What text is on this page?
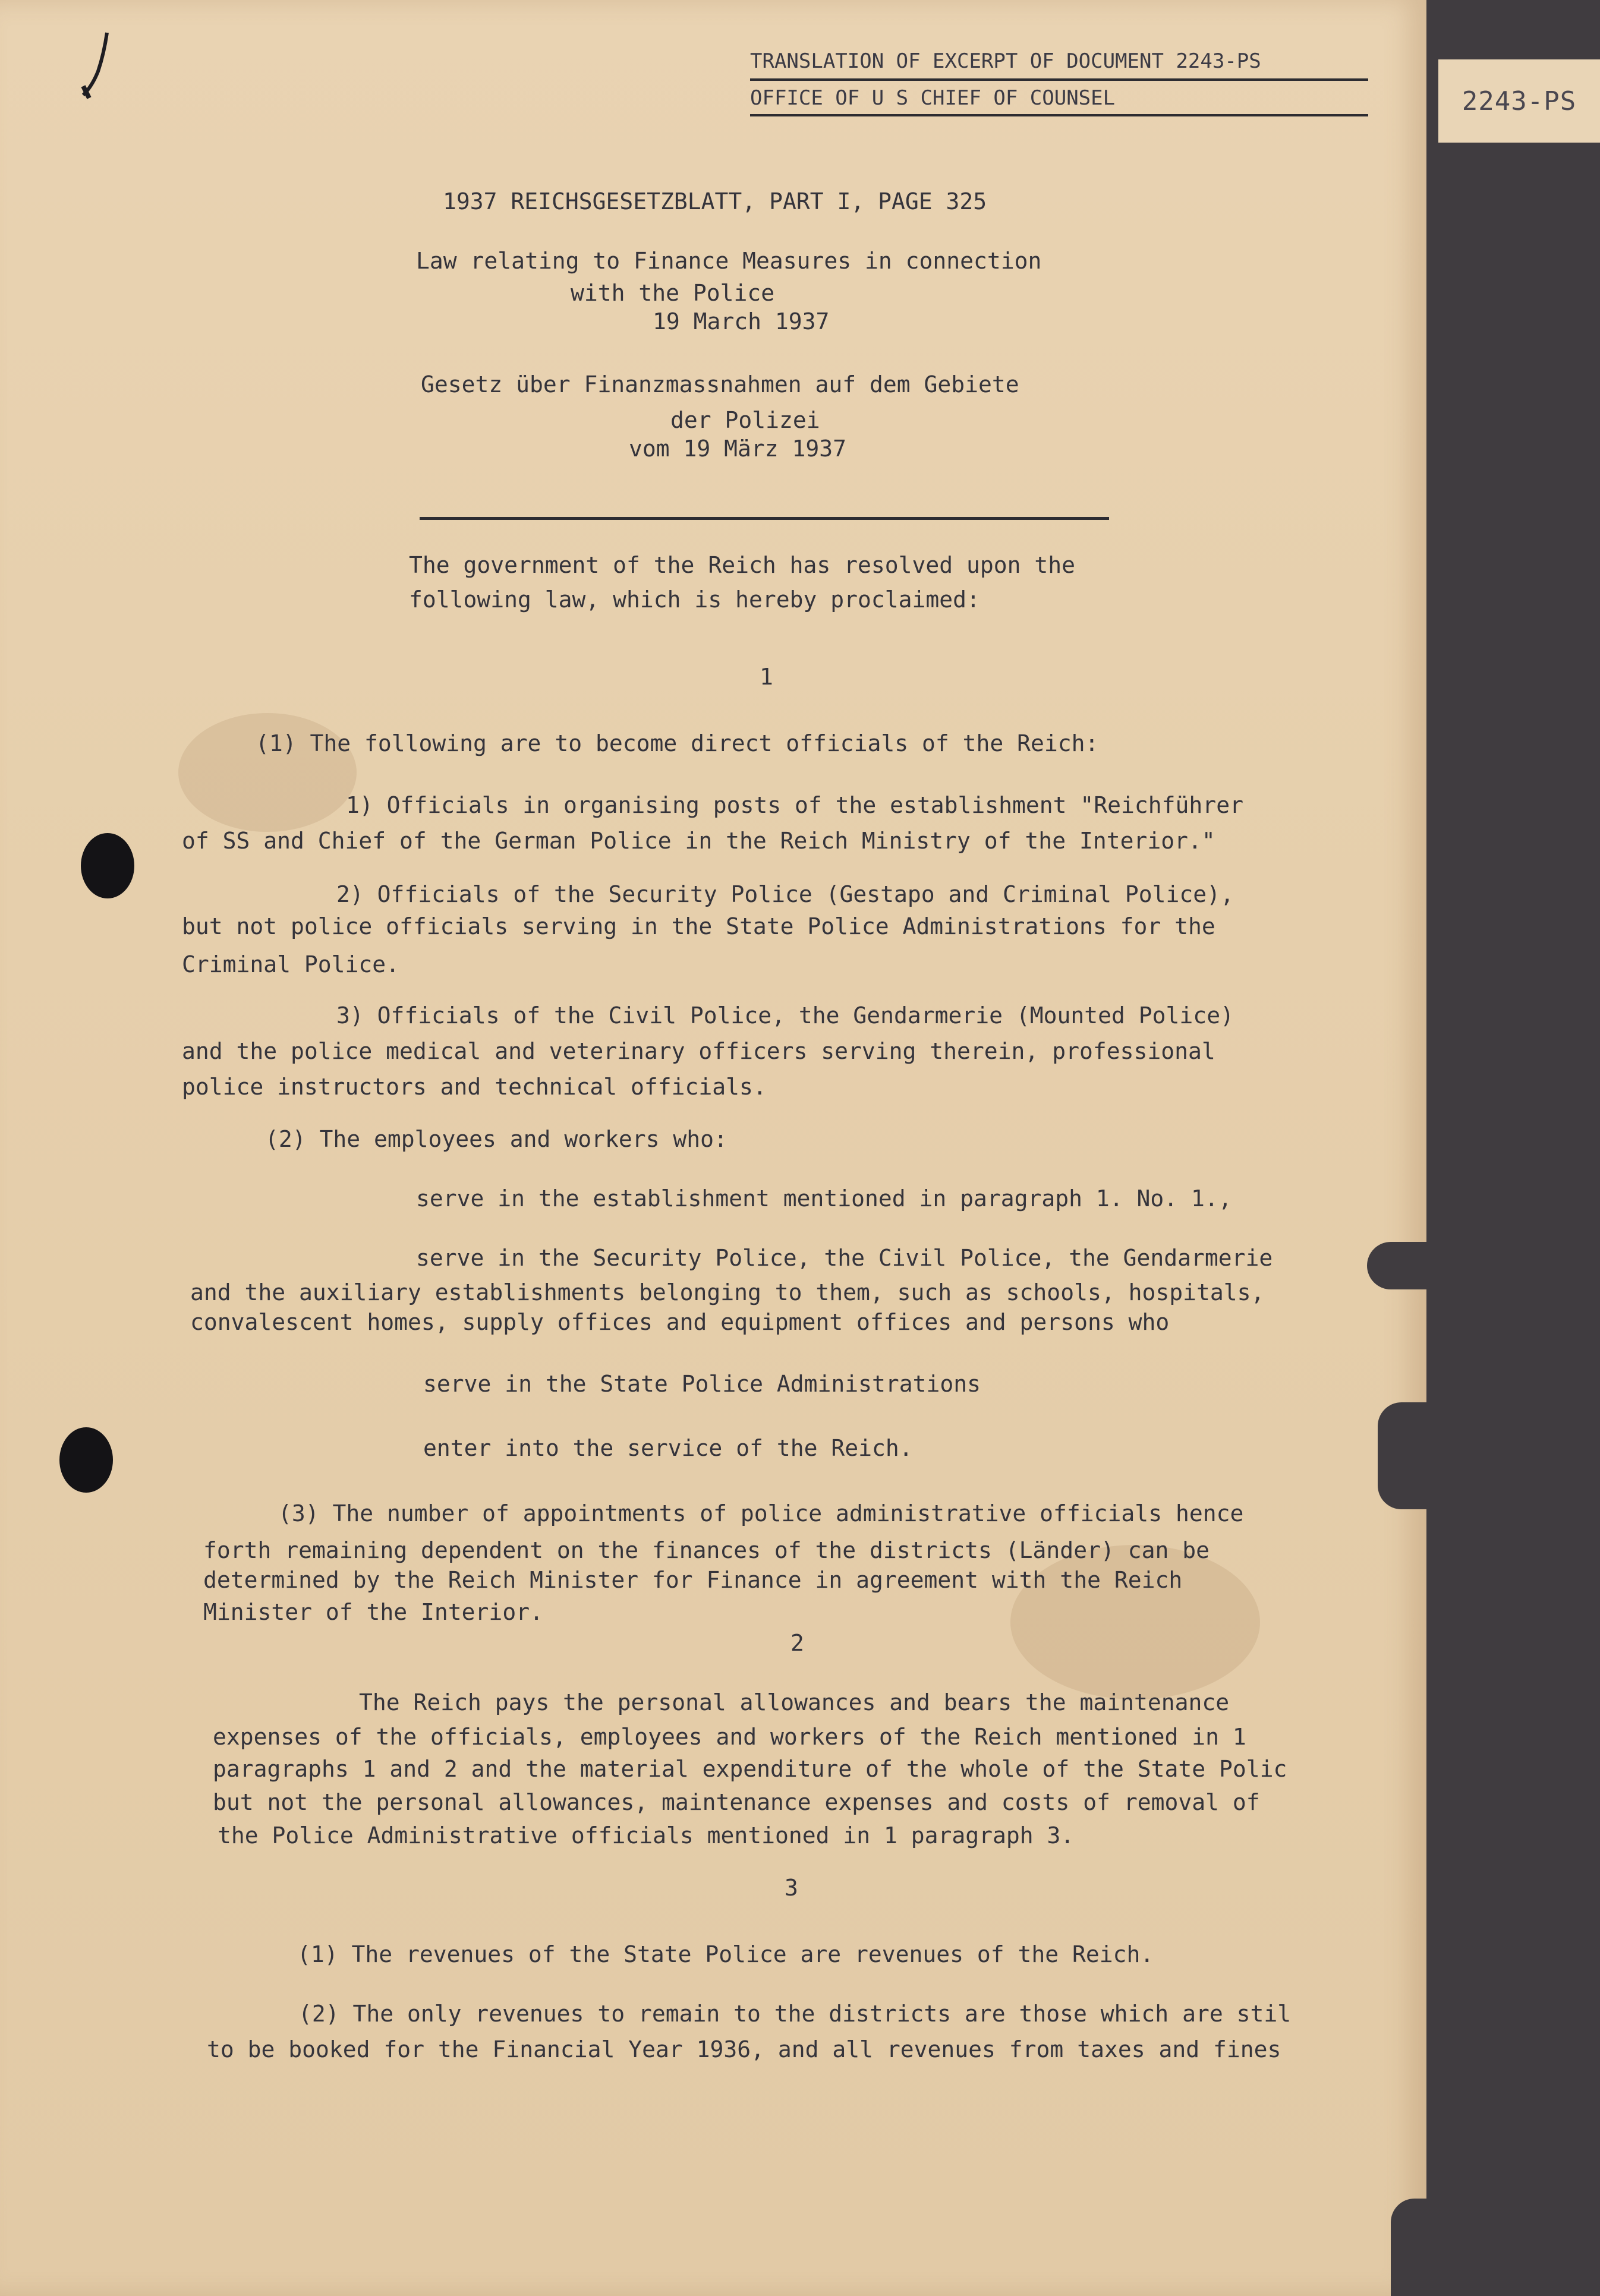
TRANSLATION OF EXCERPT OF DOCUMENT 2243-PS
OFFICE OF U S CHIEF OF COUNSEL
1937 REICHSGESETZBLATT, PART I, PAGE 325
Law relating to Finance Measures in connection
with the Police
19 March 1937
Gesetz über Finanzmassnahmen auf dem Gebiete
der Polizei
vom 19 März 1937
The government of the Reich has resolved upon the
following law, which is hereby proclaimed:
1
(1) The following are to become direct officials of the Reich:
1) Officials in organising posts of the establishment "Reichführer
of SS and Chief of the German Police in the Reich Ministry of the Interior."
2) Officials of the Security Police (Gestapo and Criminal Police),
but not police officials serving in the State Police Administrations for the
Criminal Police.
3) Officials of the Civil Police, the Gendarmerie (Mounted Police)
and the police medical and veterinary officers serving therein, professional
police instructors and technical officials.
(2) The employees and workers who:
serve in the establishment mentioned in paragraph 1. No. 1.,
serve in the Security Police, the Civil Police, the Gendarmerie
and the auxiliary establishments belonging to them, such as schools, hospitals,
convalescent homes, supply offices and equipment offices and persons who
serve in the State Police Administrations
enter into the service of the Reich.
(3) The number of appointments of police administrative officials hence
forth remaining dependent on the finances of the districts (Länder) can be
determined by the Reich Minister for Finance in agreement with the Reich
Minister of the Interior.
2
The Reich pays the personal allowances and bears the maintenance
expenses of the officials, employees and workers of the Reich mentioned in 1
paragraphs 1 and 2 and the material expenditure of the whole of the State Polic
but not the personal allowances, maintenance expenses and costs of removal of
the Police Administrative officials mentioned in 1 paragraph 3.
3
(1) The revenues of the State Police are revenues of the Reich.
(2) The only revenues to remain to the districts are those which are stil
to be booked for the Financial Year 1936, and all revenues from taxes and fines
2243-PS
